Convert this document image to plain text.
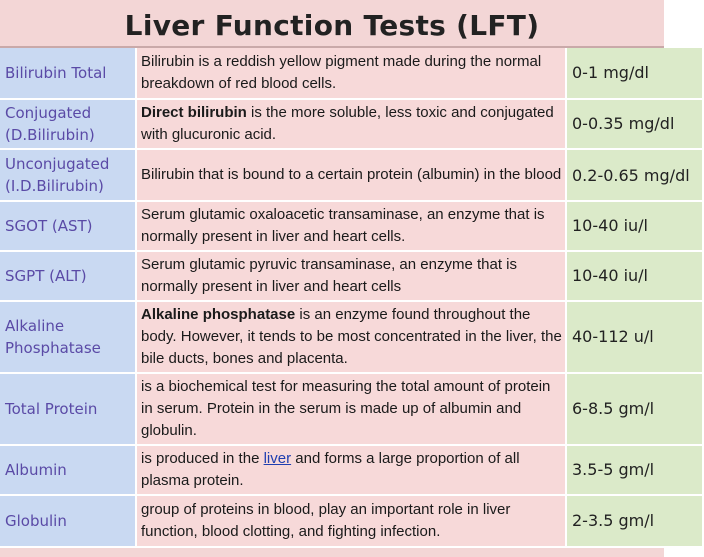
Liver Function Tests (LFT)
Bilirubin Total	Bilirubin is a reddish yellow pigment made during the normal breakdown of red blood cells.	0-1 mg/dl
Conjugated (D.Bilirubin)	Direct bilirubin is the more soluble, less toxic and conjugated with glucuronic acid.	0-0.35 mg/dl
Unconjugated (I.D.Bilirubin)	Bilirubin that is bound to a certain protein (albumin) in the blood	0.2-0.65 mg/dl
SGOT (AST)	Serum glutamic oxaloacetic transaminase, an enzyme that is normally present in liver and heart cells.	10-40 iu/l
SGPT (ALT)	Serum glutamic pyruvic transaminase, an enzyme that is normally present in liver and heart cells	10-40 iu/l
Alkaline Phosphatase	Alkaline phosphatase is an enzyme found throughout the body. However, it tends to be most concentrated in the liver, the bile ducts, bones and placenta.	40-112 u/l
Total Protein	is a biochemical test for measuring the total amount of protein in serum. Protein in the serum is made up of albumin and globulin.	6-8.5 gm/l
Albumin	is produced in the liver and forms a large proportion of all plasma protein.	3.5-5 gm/l
Globulin	group of proteins in blood, play an important role in liver function, blood clotting, and fighting infection.	2-3.5 gm/l
